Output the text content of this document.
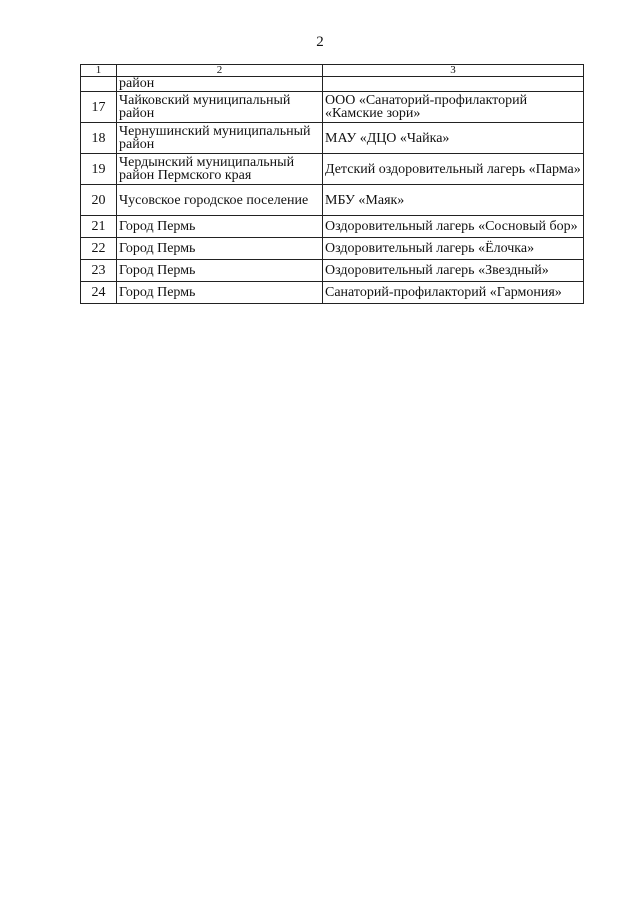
2
1	2	3
	район	
17	Чайковский муниципальный район	ООО «Санаторий-профилакторий «Камские зори»
18	Чернушинский муниципальный район	МАУ «ДЦО «Чайка»
19	Чердынский муниципальный район Пермского края	Детский оздоровительный лагерь «Парма»
20	Чусовское городское поселение	МБУ «Маяк»
21	Город Пермь	Оздоровительный лагерь «Сосновый бор»
22	Город Пермь	Оздоровительный лагерь «Ёлочка»
23	Город Пермь	Оздоровительный лагерь «Звездный»
24	Город Пермь	Санаторий-профилакторий «Гармония»
